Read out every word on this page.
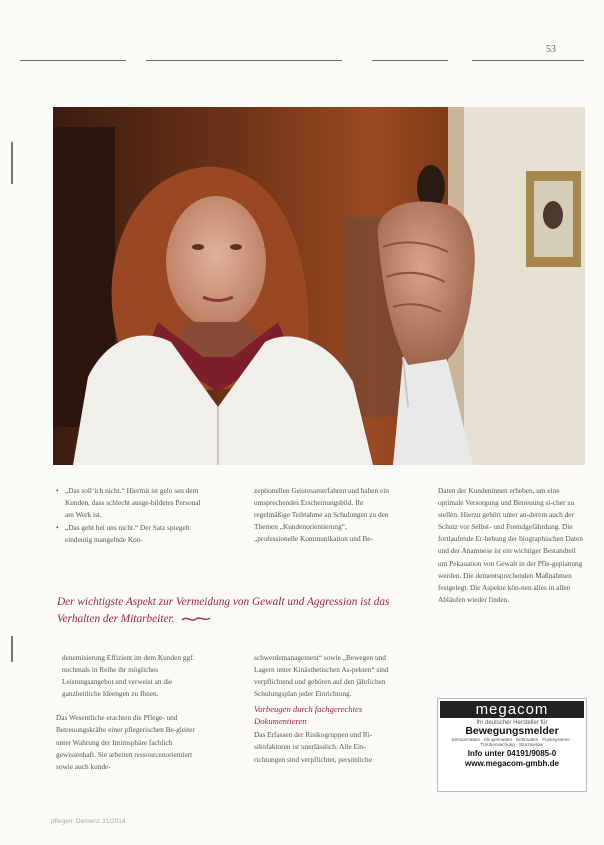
53
• „Das soll‘ich nicht.“ Hiermit ist gelo sen dem Kunden, dass schlecht ausge-bildetes Personal am Werk ist.
• „Das geht bei uns nicht.“ Der Satz spiegelt eindeutig mangelnde Kon-

zeptionellen Geistesamerfahren und haben ein umsprechendes Erscheinungsbild. Ihr regelmäßige Teilnahme an Schulungen zu den Themen „Kundenorientierung“, „professionelle Kommunikation und Be-

Daten der Kundeninnen erheben, um eine optimale Versorgung und Betreuung si-cher zu stellen. Hierzu gehört unter an-derem auch der Schutz vor Selbst- und Fremdgefährdung. Die fortlaufende Er-hebung der biographischen Daten und der Anamnese ist ein wichtiger Bestandteil um Pekauation von Gewalt in der Pfle-geplanung werden. Die dementsprechenden Maßnahmen festgelegt. Die Aspekte kön-nen alles in allen Abläufen wieder finden.

Der wichtigste Aspekt zur Vermeidung von Gewalt und Aggression ist das Verhalten der Mitarbeiter.

denemisierung Effizient im dem Kunden ggf. nochmals in Reihe ihr mögliches Leistungsangebot und verweist an die ganzheitliche Ideengen zu Ihnen.

Das Wesentliche erachten die Pflege- und Betreuungskräfte einer pflegerischen Be-gleiter unter Wahrung der Intimsphäre fachlich gewissenhaft. Sie arbeiten ressourcenorientiert sowie auch kunde-

schwerdemanagement“ sowie „Bewegen und Lagern unter Kinästhetischen As-pekten“ sind verpflichtend und gehören auf den jährlichen Schulungsplan jeder Einrichtung.

Vorbeugen durch fachgerechtes Dokumentieren

Das Erfassen der Risikogruppen und Ri-sikofaktoren ist unerlässlich. Alle Ein-richtungen sind verpflichtet, persönliche

megacom
Ihr deutscher Hersteller für
Bewegungsmelder
Sensormatten · Klingelmatten · Bettmatten · Funksysteme · Türüberwachung · Sturzmelder
Info unter 04191/9085-0
www.megacom-gmbh.de
pflegen: Demenz 31/2014
